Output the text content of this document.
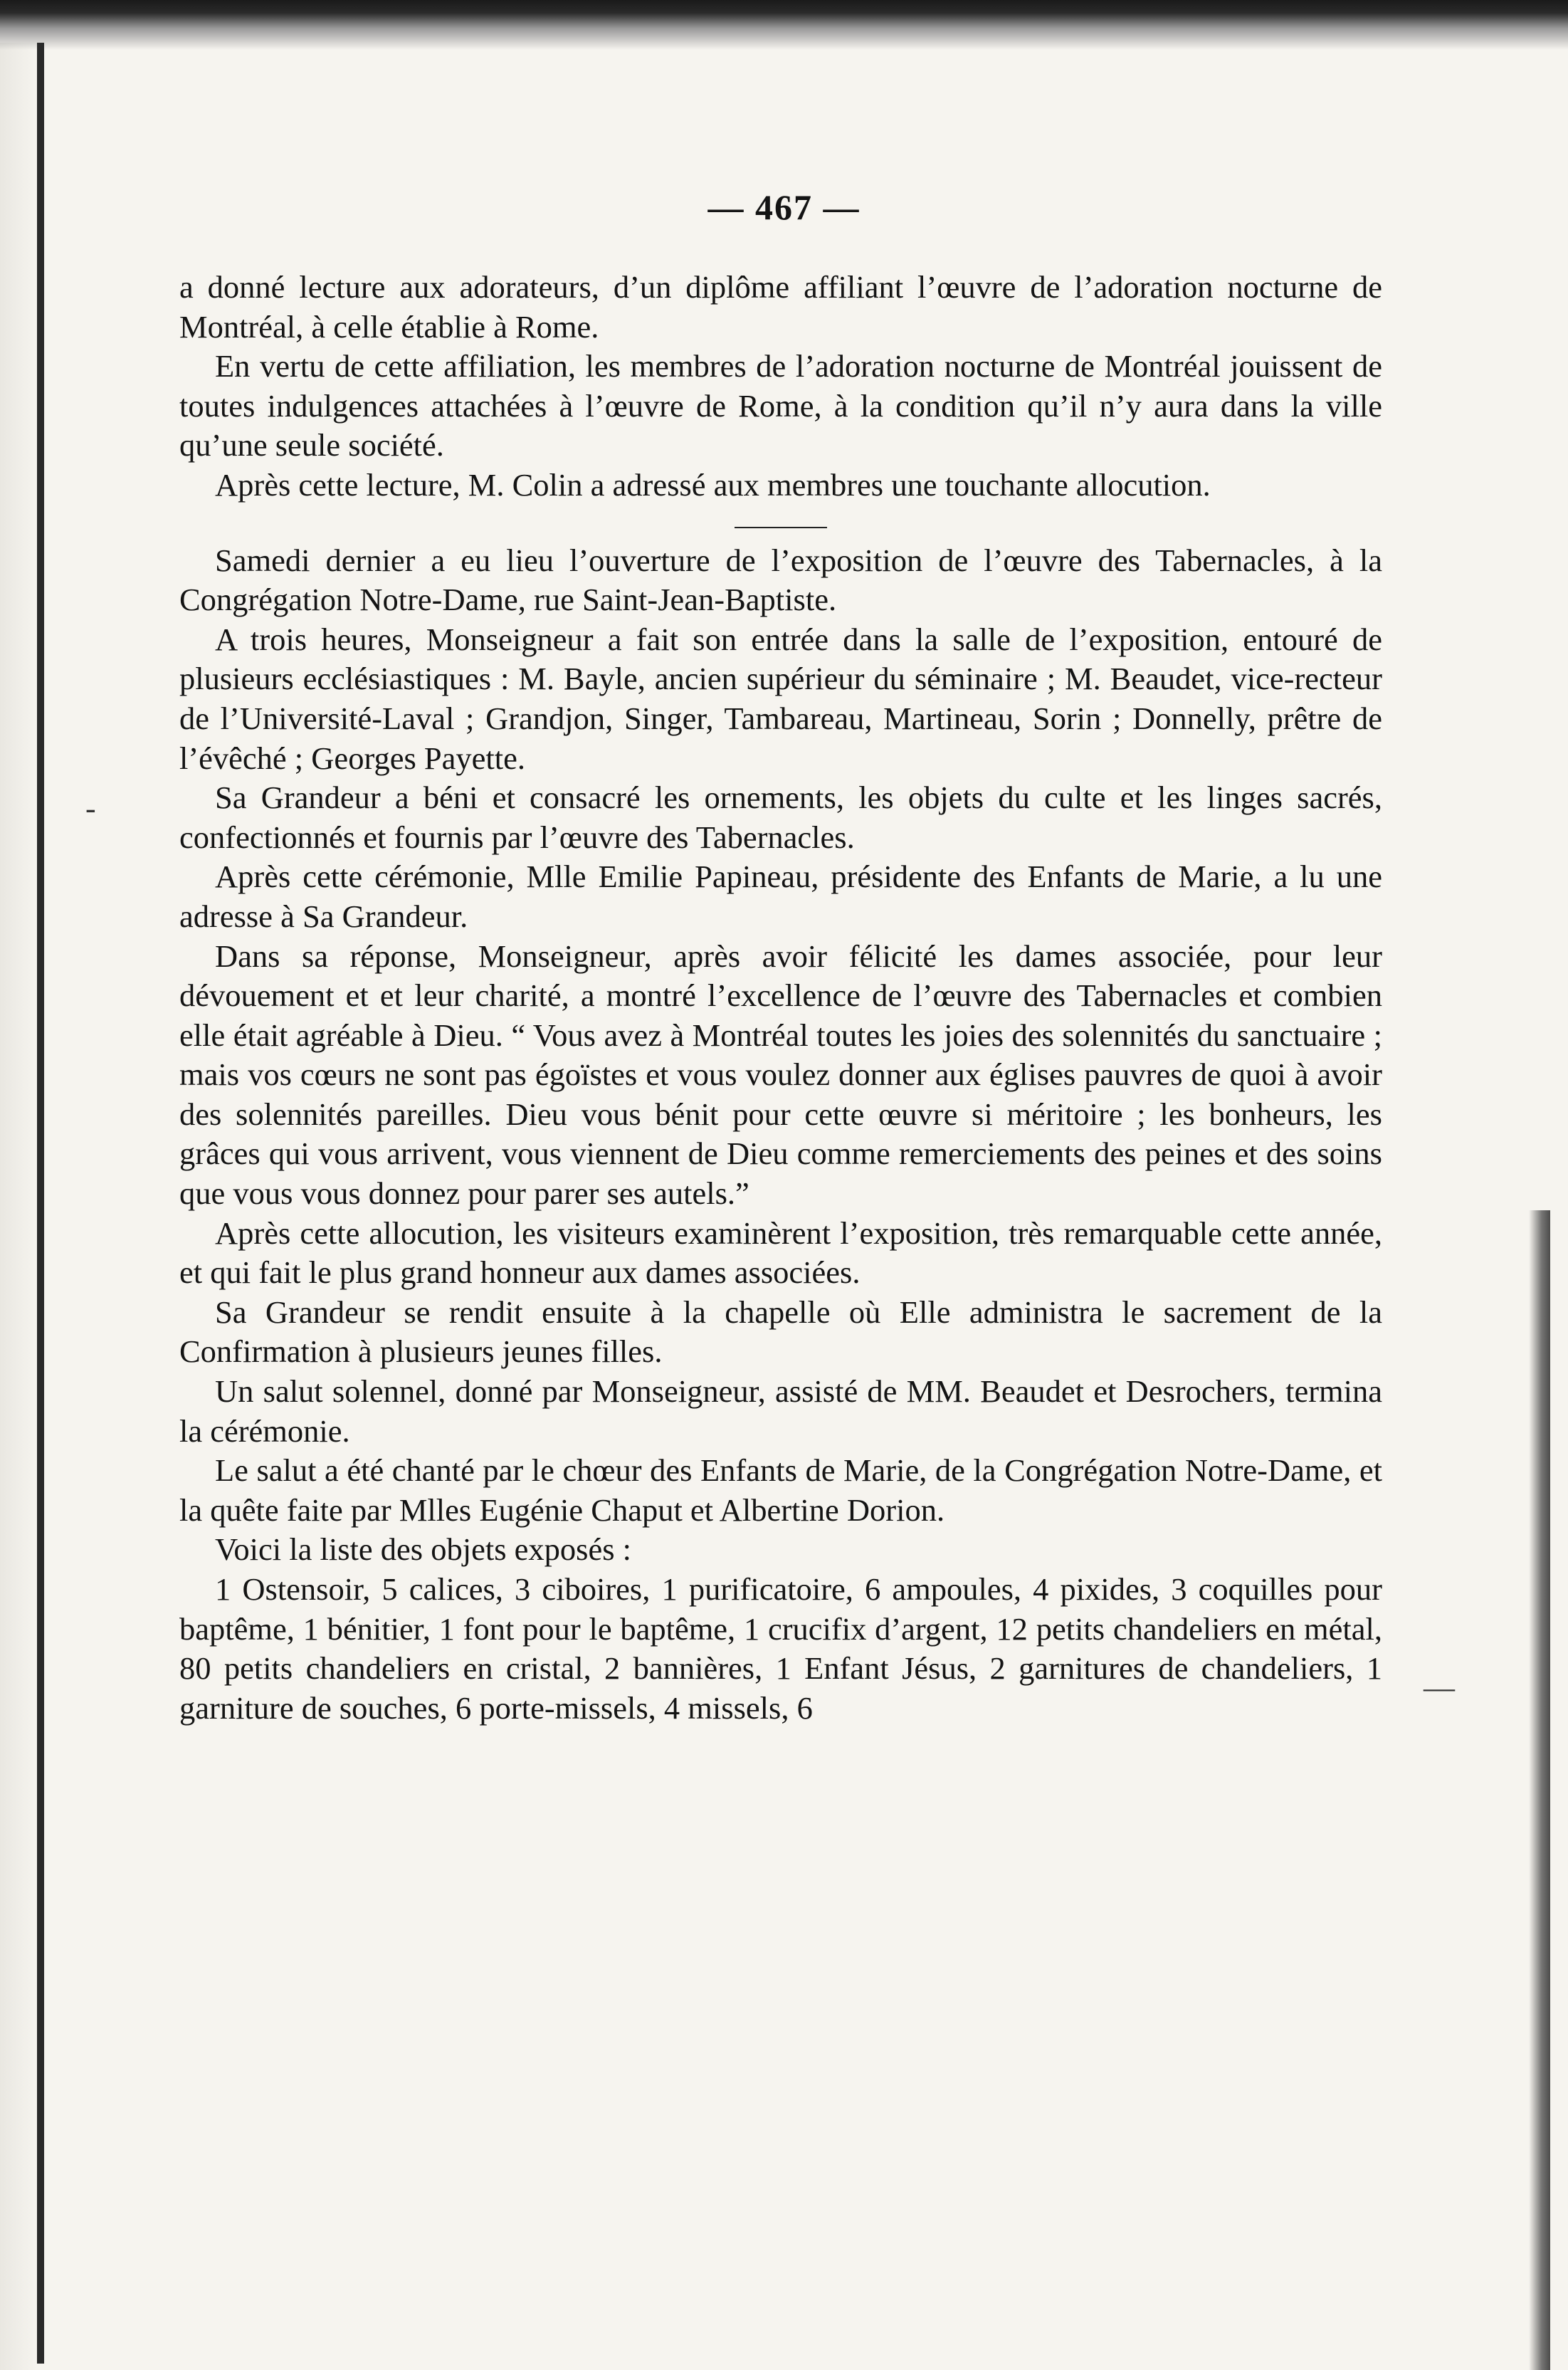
— 467 —

a donné lecture aux adorateurs, d’un diplôme affiliant l’œuvre de l’adoration nocturne de Montréal, à celle établie à Rome.

En vertu de cette affiliation, les membres de l’adoration nocturne de Montréal jouissent de toutes indulgences attachées à l’œuvre de Rome, à la condition qu’il n’y aura dans la ville qu’une seule société.

Après cette lecture, M. Colin a adressé aux membres une touchante allocution.

Samedi dernier a eu lieu l’ouverture de l’exposition de l’œuvre des Tabernacles, à la Congrégation Notre-Dame, rue Saint-Jean-Baptiste.

A trois heures, Monseigneur a fait son entrée dans la salle de l’exposition, entouré de plusieurs ecclésiastiques : M. Bayle, ancien supérieur du séminaire ; M. Beaudet, vice-recteur de l’Université-Laval ; Grandjon, Singer, Tambareau, Martineau, Sorin ; Donnelly, prêtre de l’évêché ; Georges Payette.

Sa Grandeur a béni et consacré les ornements, les objets du culte et les linges sacrés, confectionnés et fournis par l’œuvre des Tabernacles.

Après cette cérémonie, Mlle Emilie Papineau, présidente des Enfants de Marie, a lu une adresse à Sa Grandeur.

Dans sa réponse, Monseigneur, après avoir félicité les dames associée, pour leur dévouement et et leur charité, a montré l’excellence de l’œuvre des Tabernacles et combien elle était agréable à Dieu. “ Vous avez à Montréal toutes les joies des solennités du sanctuaire ; mais vos cœurs ne sont pas égoïstes et vous voulez donner aux églises pauvres de quoi à avoir des solennités pareilles. Dieu vous bénit pour cette œuvre si méritoire ; les bonheurs, les grâces qui vous arrivent, vous viennent de Dieu comme remerciements des peines et des soins que vous vous donnez pour parer ses autels.”

Après cette allocution, les visiteurs examinèrent l’exposition, très remarquable cette année, et qui fait le plus grand honneur aux dames associées.

Sa Grandeur se rendit ensuite à la chapelle où Elle administra le sacrement de la Confirmation à plusieurs jeunes filles.

Un salut solennel, donné par Monseigneur, assisté de MM. Beaudet et Desrochers, termina la cérémonie.

Le salut a été chanté par le chœur des Enfants de Marie, de la Congrégation Notre-Dame, et la quête faite par Mlles Eugénie Chaput et Albertine Dorion.

Voici la liste des objets exposés :

1 Ostensoir, 5 calices, 3 ciboires, 1 purificatoire, 6 ampoules, 4 pixides, 3 coquilles pour baptême, 1 bénitier, 1 font pour le baptême, 1 crucifix d’argent, 12 petits chandeliers en métal, 80 petits chandeliers en cristal, 2 bannières, 1 Enfant Jésus, 2 garnitures de chandeliers, 1 garniture de souches, 6 porte-missels, 4 missels, 6

-
—
